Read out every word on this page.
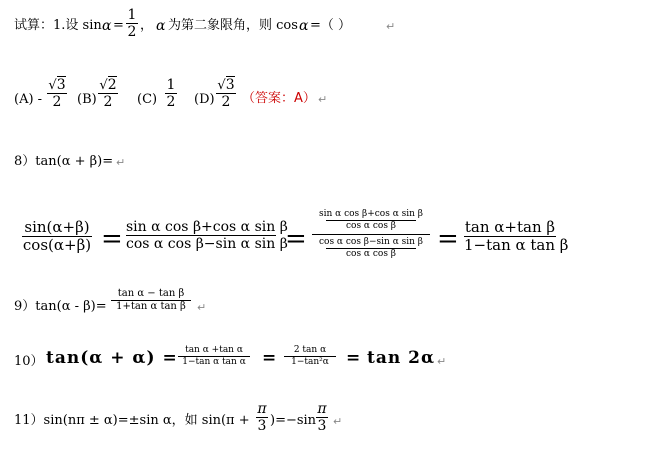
试算：1.设 sin α =
1
2 ， α 为第二象限角，则 cos α =（ ）	↵
(A) -
√3
2	(B)
√2
2	(C)
1
2 (D)
√3
2 （答案：A） ↵
8）tan(α + β)= ↵
sin(α+β)
cos(α+β) = sin α cos β+cos α sin β
cos α cos β−sin α sin β
=
sin α cos β+cos α sin β
cos α cos β
cos α cos β−sin α sin β
cos α cos β	= tan α+tan β
1−tan α tan β
9）tan(α - β)=
tan α − tan β
1+tan α tan β	↵
10） tan(α + α) = tan α +tan α
1−tan α tan α =	2 tan α
1−tan²α	= tan 2α ↵
11）sin(nπ ± α)=±sin α，如 sin(π +
π
3 )=−sin
π
3 ↵
